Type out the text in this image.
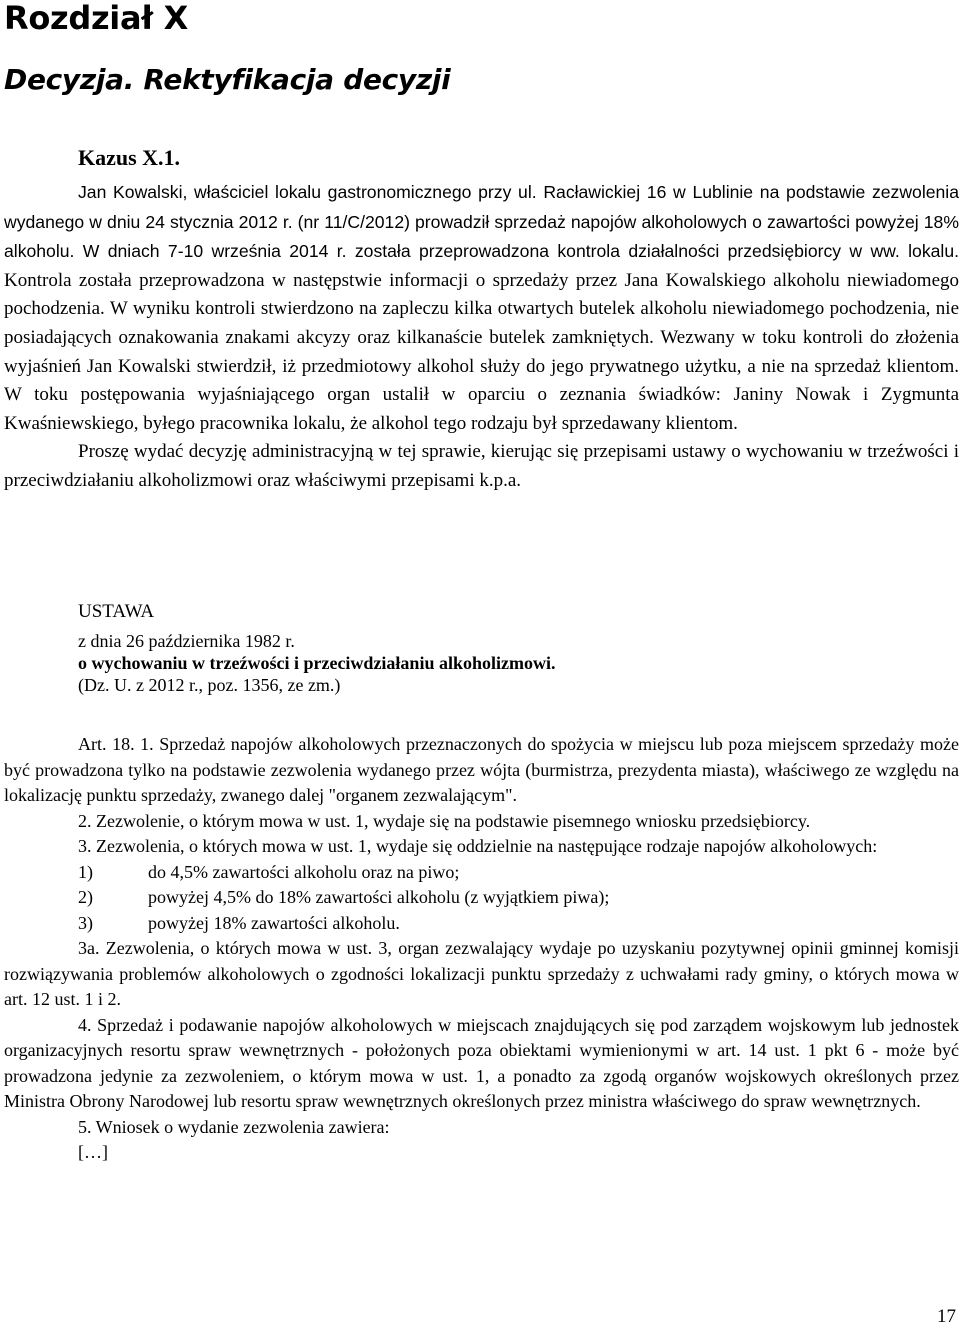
Rozdział X
Decyzja. Rektyfikacja decyzji
Kazus X.1.

Jan Kowalski, właściciel lokalu gastronomicznego przy ul. Racławickiej 16 w Lublinie na podstawie zezwolenia wydanego w dniu 24 stycznia 2012 r. (nr 11/C/2012) prowadził sprzedaż napojów alkoholowych o zawartości powyżej 18% alkoholu. W dniach 7-10 września 2014 r. została przeprowadzona kontrola działalności przedsiębiorcy w ww. lokalu. Kontrola została przeprowadzona w następstwie informacji o sprzedaży przez Jana Kowalskiego alkoholu niewiadomego pochodzenia. W wyniku kontroli stwierdzono na zapleczu kilka otwartych butelek alkoholu niewiadomego pochodzenia, nie posiadających oznakowania znakami akcyzy oraz kilkanaście butelek zamkniętych. Wezwany w toku kontroli do złożenia wyjaśnień Jan Kowalski stwierdził, iż przedmiotowy alkohol służy do jego prywatnego użytku, a nie na sprzedaż klientom. W toku postępowania wyjaśniającego organ ustalił w oparciu o zeznania świadków: Janiny Nowak i Zygmunta Kwaśniewskiego, byłego pracownika lokalu, że alkohol tego rodzaju był sprzedawany klientom.

Proszę wydać decyzję administracyjną w tej sprawie, kierując się przepisami ustawy o wychowaniu w trzeźwości i przeciwdziałaniu alkoholizmowi oraz właściwymi przepisami k.p.a.

USTAWA
z dnia 26 października 1982 r.
o wychowaniu w trzeźwości i przeciwdziałaniu alkoholizmowi.
(Dz. U. z 2012 r., poz. 1356, ze zm.)

Art. 18. 1. Sprzedaż napojów alkoholowych przeznaczonych do spożycia w miejscu lub poza miejscem sprzedaży może być prowadzona tylko na podstawie zezwolenia wydanego przez wójta (burmistrza, prezydenta miasta), właściwego ze względu na lokalizację punktu sprzedaży, zwanego dalej "organem zezwalającym".

2. Zezwolenie, o którym mowa w ust. 1, wydaje się na podstawie pisemnego wniosku przedsiębiorcy.

3. Zezwolenia, o których mowa w ust. 1, wydaje się oddzielnie na następujące rodzaje napojów alkoholowych:

1)	do 4,5% zawartości alkoholu oraz na piwo;

2)	powyżej 4,5% do 18% zawartości alkoholu (z wyjątkiem piwa);

3)	powyżej 18% zawartości alkoholu.

3a. Zezwolenia, o których mowa w ust. 3, organ zezwalający wydaje po uzyskaniu pozytywnej opinii gminnej komisji rozwiązywania problemów alkoholowych o zgodności lokalizacji punktu sprzedaży z uchwałami rady gminy, o których mowa w art. 12 ust. 1 i 2.

4. Sprzedaż i podawanie napojów alkoholowych w miejscach znajdujących się pod zarządem wojskowym lub jednostek organizacyjnych resortu spraw wewnętrznych - położonych poza obiektami wymienionymi w art. 14 ust. 1 pkt 6 - może być prowadzona jedynie za zezwoleniem, o którym mowa w ust. 1, a ponadto za zgodą organów wojskowych określonych przez Ministra Obrony Narodowej lub resortu spraw wewnętrznych określonych przez ministra właściwego do spraw wewnętrznych.

5. Wniosek o wydanie zezwolenia zawiera:

[…]

17
